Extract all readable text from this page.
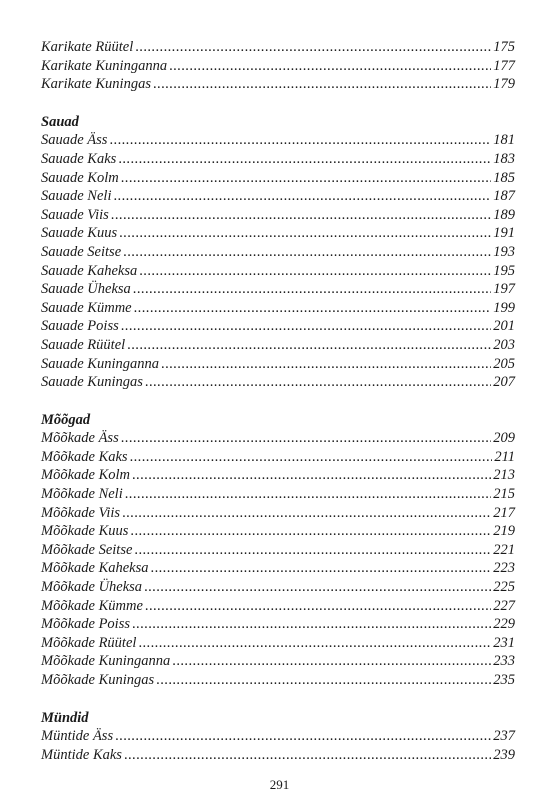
Karikate Rüütel . . .	175
Karikate Kuninganna . . .	177
Karikate Kuningas . . .	179
Sauad
Sauade Äss . . .	181
Sauade Kaks . . .	183
Sauade Kolm . . .	185
Sauade Neli . . .	187
Sauade Viis . . .	189
Sauade Kuus . . .	191
Sauade Seitse . . .	193
Sauade Kaheksa . . .	195
Sauade Üheksa . . .	197
Sauade Kümme . . .	199
Sauade Poiss . . .	201
Sauade Rüütel . . .	203
Sauade Kuninganna . . .	205
Sauade Kuningas . . .	207
Mõõgad
Mõõkade Äss . . .	209
Mõõkade Kaks . . .	211
Mõõkade Kolm . . .	213
Mõõkade Neli . . .	215
Mõõkade Viis . . .	217
Mõõkade Kuus . . .	219
Mõõkade Seitse . . .	221
Mõõkade Kaheksa . . .	223
Mõõkade Üheksa . . .	225
Mõõkade Kümme . . .	227
Mõõkade Poiss . . .	229
Mõõkade Rüütel . . .	231
Mõõkade Kuninganna . . .	233
Mõõkade Kuningas . . .	235
Mündid
Müntide Äss . . .	237
Müntide Kaks . . .	239
291
